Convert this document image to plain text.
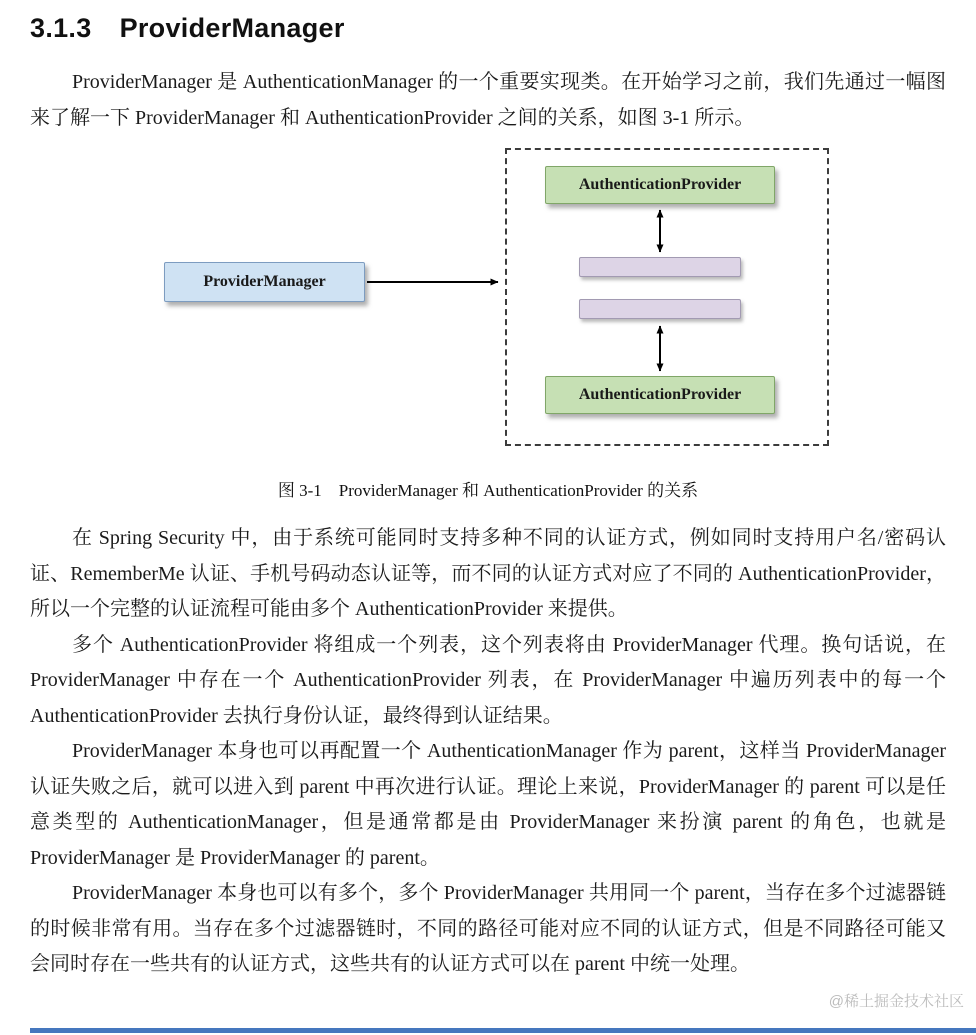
3.1.3 ProviderManager

ProviderManager 是 AuthenticationManager 的一个重要实现类。在开始学习之前，我们先通过一幅图来了解一下 ProviderManager 和 AuthenticationProvider 之间的关系，如图 3-1 所示。

AuthenticationProvider
AuthenticationProvider
ProviderManager
图 3-1　ProviderManager 和 AuthenticationProvider 的关系

在 Spring Security 中，由于系统可能同时支持多种不同的认证方式，例如同时支持用户名/密码认证、RememberMe 认证、手机号码动态认证等，而不同的认证方式对应了不同的 AuthenticationProvider，所以一个完整的认证流程可能由多个 AuthenticationProvider 来提供。

多个 AuthenticationProvider 将组成一个列表，这个列表将由 ProviderManager 代理。换句话说，在 ProviderManager 中存在一个 AuthenticationProvider 列表，在 ProviderManager 中遍历列表中的每一个 AuthenticationProvider 去执行身份认证，最终得到认证结果。

ProviderManager 本身也可以再配置一个 AuthenticationManager 作为 parent，这样当 ProviderManager 认证失败之后，就可以进入到 parent 中再次进行认证。理论上来说，ProviderManager 的 parent 可以是任意类型的 AuthenticationManager，但是通常都是由 ProviderManager 来扮演 parent 的角色，也就是 ProviderManager 是 ProviderManager 的 parent。

ProviderManager 本身也可以有多个，多个 ProviderManager 共用同一个 parent，当存在多个过滤器链的时候非常有用。当存在多个过滤器链时，不同的路径可能对应不同的认证方式，但是不同路径可能又会同时存在一些共有的认证方式，这些共有的认证方式可以在 parent 中统一处理。

@稀土掘金技术社区
